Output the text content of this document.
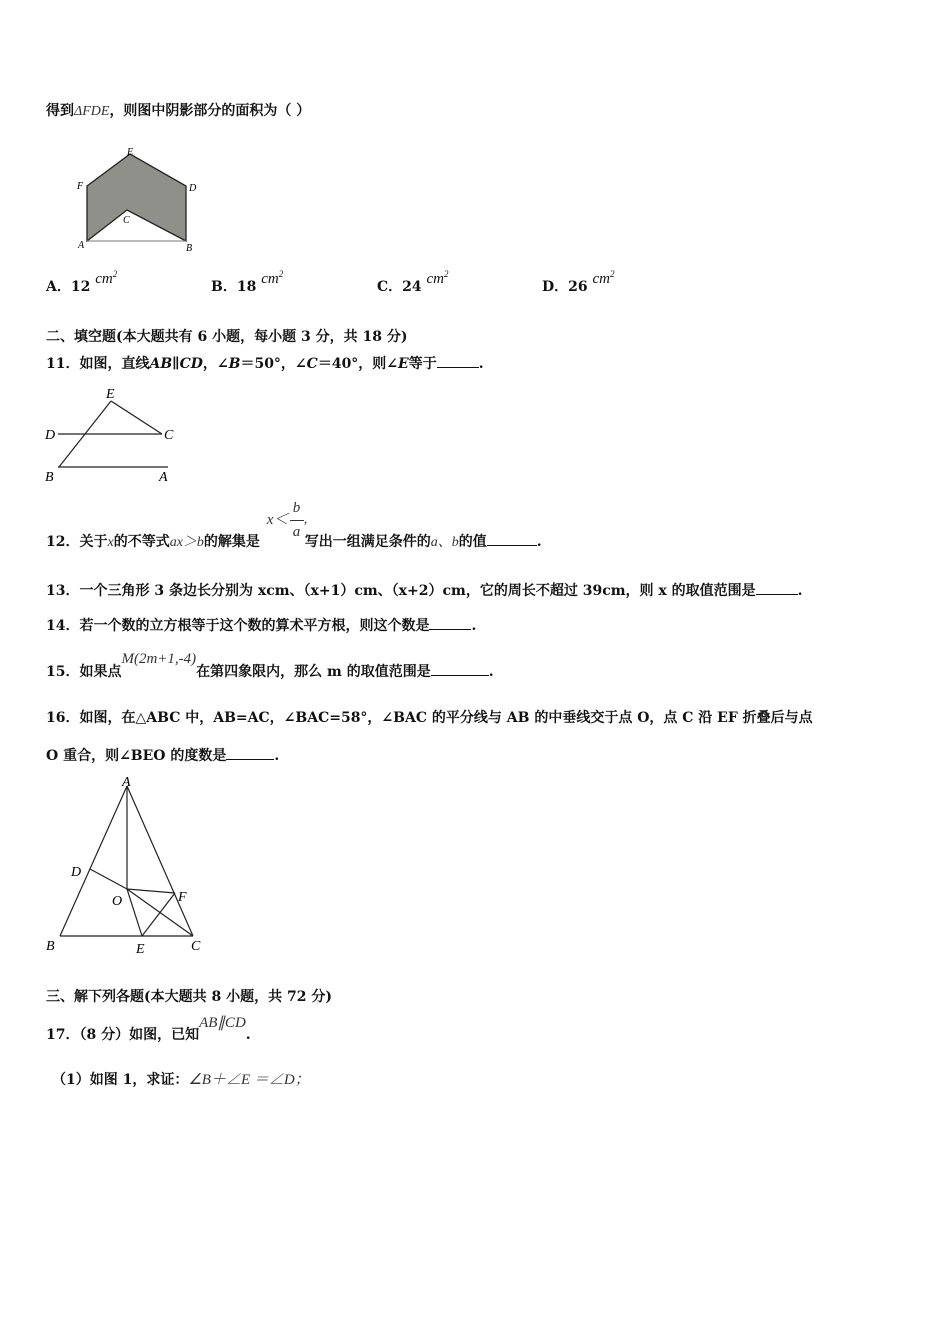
得到ΔFDE，则图中阴影部分的面积为（ ）
E
F	D
C
A	B
A．12 $cm^2$
B．18 $cm^2$
C．24 $cm^2$
D．26 $cm^2$
二、填空题(本大题共有 6 小题，每小题 3 分，共 18 分)
11．如图，直线AB∥CD，∠B＝50°，∠C＝40°，则∠E等于	.
E
D	C
B	A
12．关于x的不等式ax＞b的解集是
x＜
b
a
,
写出一组满足条件的a、b的值	.
13．一个三角形 3 条边长分别为 xcm、（x+1）cm、（x+2）cm，它的周长不超过 39cm，则 x 的取值范围是	.
14．若一个数的立方根等于这个数的算术平方根，则这个数是	.
15．如果点M(2m+1,-4)在第四象限内，那么 m 的取值范围是	.
16．如图，在△ABC 中，AB=AC，∠BAC=58°，∠BAC 的平分线与 AB 的中垂线交于点 O，点 C 沿 EF 折叠后与点
O 重合，则∠BEO 的度数是	.
A
D
O	F
B	E	C
三、解下列各题(本大题共 8 小题，共 72 分)
17．（8 分）如图，已知AB∥CD.
（1）如图 1，求证：∠B＋∠E ＝∠D；
